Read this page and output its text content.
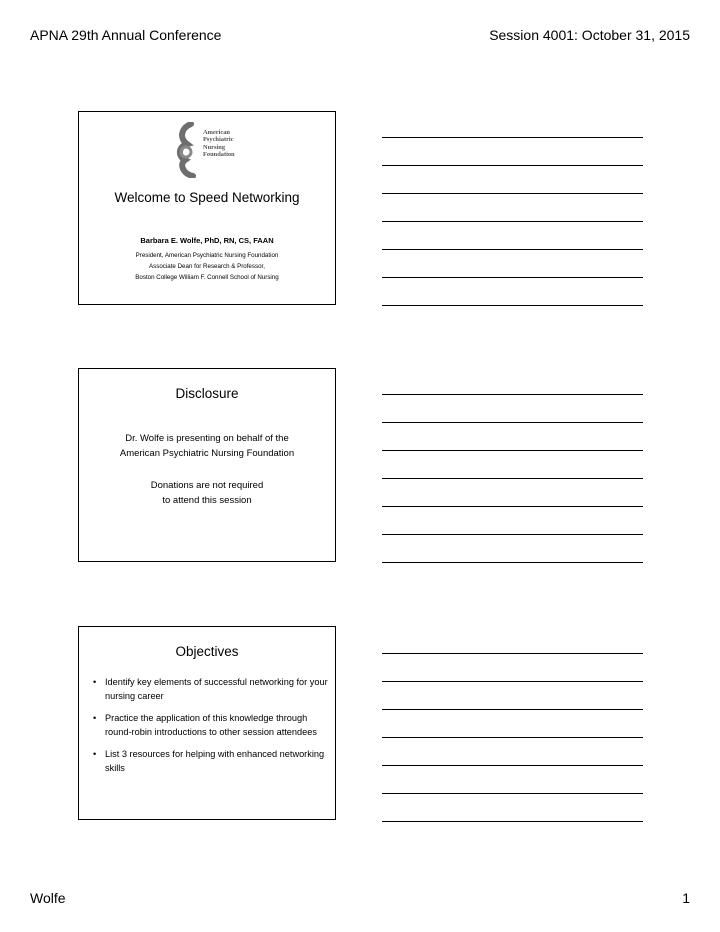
APNA 29th Annual Conference	Session 4001: October 31, 2015
American
Psychiatric
Nursing
Foundation
Welcome to Speed Networking
Barbara E. Wolfe, PhD, RN, CS, FAAN
President, American Psychiatric Nursing Foundation
Associate Dean for Research & Professor,
Boston College William F. Connell School of Nursing
Disclosure
Dr. Wolfe is presenting on behalf of the
American Psychiatric Nursing Foundation
Donations are not required
to attend this session
Objectives
• Identify key elements of successful networking for your nursing career
• Practice the application of this knowledge through round-robin introductions to other session attendees
• List 3 resources for helping with enhanced networking skills
Wolfe	1
